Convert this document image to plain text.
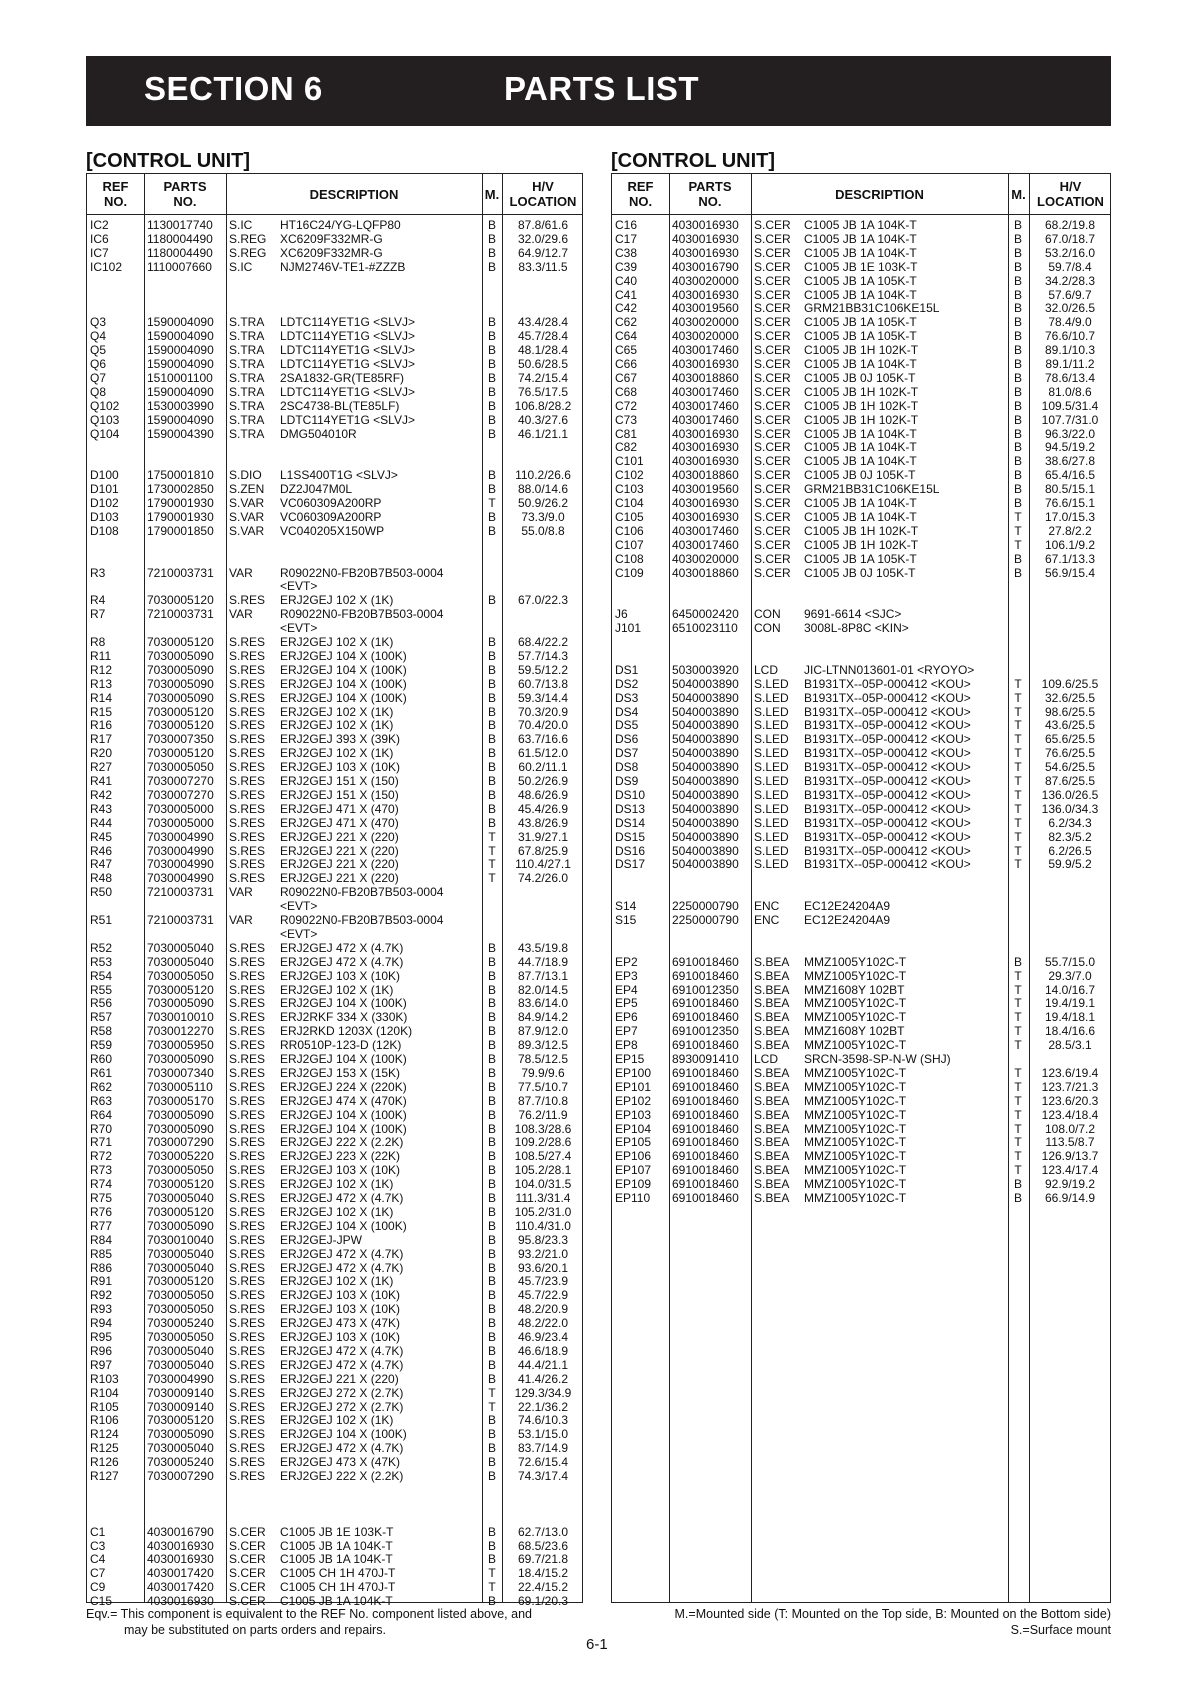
SECTION 6	PARTS LIST
[CONTROL UNIT]	[CONTROL UNIT]
REF
NO.
PARTS
NO.	DESCRIPTION	M.	H/V
LOCATION
IC2	1130017740 S.IC HT16C24/YG-LQFP80	B	87.8/61.6
IC6	1180004490 S.REG XC6209F332MR-G	B	32.0/29.6
IC7	1180004490 S.REG XC6209F332MR-G	B	64.9/12.7
IC102 1110007660 S.IC NJM2746V-TE1-#ZZZB	B	83.3/11.5
Q3	1590004090 S.TRA LDTC114YET1G <SLVJ>	B	43.4/28.4
Q4	1590004090 S.TRA LDTC114YET1G <SLVJ>	B	45.7/28.4
Q5	1590004090 S.TRA LDTC114YET1G <SLVJ>	B	48.1/28.4
Q6	1590004090 S.TRA LDTC114YET1G <SLVJ>	B	50.6/28.5
Q7	1510001100 S.TRA 2SA1832-GR(TE85RF)	B	74.2/15.4
Q8	1590004090 S.TRA LDTC114YET1G <SLVJ>	B	76.5/17.5
Q102 1530003990 S.TRA 2SC4738-BL(TE85LF)	B	106.8/28.2
Q103 1590004090 S.TRA LDTC114YET1G <SLVJ>	B	40.3/27.6
Q104 1590004390 S.TRA DMG504010R	B	46.1/21.1
D100 1750001810 S.DIO L1SS400T1G <SLVJ>	B	110.2/26.6
D101 1730002850 S.ZEN DZ2J047M0L	B	88.0/14.6
D102 1790001930 S.VAR VC060309A200RP	T	50.9/26.2
D103 1790001930 S.VAR VC060309A200RP	B	73.3/9.0
D108 1790001850 S.VAR VC040205X150WP	B	55.0/8.8
R3	7210003731 VAR R09022N0-FB20B7B503-0004
<EVT>
R4	7030005120 S.RES ERJ2GEJ 102 X (1K)	B	67.0/22.3
R7	7210003731 VAR R09022N0-FB20B7B503-0004
<EVT>
R8	7030005120 S.RES ERJ2GEJ 102 X (1K)	B	68.4/22.2
R11	7030005090 S.RES ERJ2GEJ 104 X (100K)	B	57.7/14.3
R12	7030005090 S.RES ERJ2GEJ 104 X (100K)	B	59.5/12.2
R13	7030005090 S.RES ERJ2GEJ 104 X (100K)	B	60.7/13.8
R14	7030005090 S.RES ERJ2GEJ 104 X (100K)	B	59.3/14.4
R15	7030005120 S.RES ERJ2GEJ 102 X (1K)	B	70.3/20.9
R16	7030005120 S.RES ERJ2GEJ 102 X (1K)	B	70.4/20.0
R17	7030007350 S.RES ERJ2GEJ 393 X (39K)	B	63.7/16.6
R20	7030005120 S.RES ERJ2GEJ 102 X (1K)	B	61.5/12.0
R27	7030005050 S.RES ERJ2GEJ 103 X (10K)	B	60.2/11.1
R41	7030007270 S.RES ERJ2GEJ 151 X (150)	B	50.2/26.9
R42	7030007270 S.RES ERJ2GEJ 151 X (150)	B	48.6/26.9
R43	7030005000 S.RES ERJ2GEJ 471 X (470)	B	45.4/26.9
R44	7030005000 S.RES ERJ2GEJ 471 X (470)	B	43.8/26.9
R45	7030004990 S.RES ERJ2GEJ 221 X (220)	T	31.9/27.1
R46	7030004990 S.RES ERJ2GEJ 221 X (220)	T	67.8/25.9
R47	7030004990 S.RES ERJ2GEJ 221 X (220)	T	110.4/27.1
R48	7030004990 S.RES ERJ2GEJ 221 X (220)	T	74.2/26.0
R50	7210003731 VAR R09022N0-FB20B7B503-0004
<EVT>
R51	7210003731 VAR R09022N0-FB20B7B503-0004
<EVT>
R52	7030005040 S.RES ERJ2GEJ 472 X (4.7K)	B	43.5/19.8
R53	7030005040 S.RES ERJ2GEJ 472 X (4.7K)	B	44.7/18.9
R54	7030005050 S.RES ERJ2GEJ 103 X (10K)	B	87.7/13.1
R55	7030005120 S.RES ERJ2GEJ 102 X (1K)	B	82.0/14.5
R56	7030005090 S.RES ERJ2GEJ 104 X (100K)	B	83.6/14.0
R57	7030010010 S.RES ERJ2RKF 334 X (330K)	B	84.9/14.2
R58	7030012270 S.RES ERJ2RKD 1203X (120K)	B	87.9/12.0
R59	7030005950 S.RES RR0510P-123-D (12K)	B	89.3/12.5
R60	7030005090 S.RES ERJ2GEJ 104 X (100K)	B	78.5/12.5
R61	7030007340 S.RES ERJ2GEJ 153 X (15K)	B	79.9/9.6
R62	7030005110 S.RES ERJ2GEJ 224 X (220K)	B	77.5/10.7
R63	7030005170 S.RES ERJ2GEJ 474 X (470K)	B	87.7/10.8
R64	7030005090 S.RES ERJ2GEJ 104 X (100K)	B	76.2/11.9
R70	7030005090 S.RES ERJ2GEJ 104 X (100K)	B	108.3/28.6
R71	7030007290 S.RES ERJ2GEJ 222 X (2.2K)	B	109.2/28.6
R72	7030005220 S.RES ERJ2GEJ 223 X (22K)	B	108.5/27.4
R73	7030005050 S.RES ERJ2GEJ 103 X (10K)	B	105.2/28.1
R74	7030005120 S.RES ERJ2GEJ 102 X (1K)	B	104.0/31.5
R75	7030005040 S.RES ERJ2GEJ 472 X (4.7K)	B	111.3/31.4
R76	7030005120 S.RES ERJ2GEJ 102 X (1K)	B	105.2/31.0
R77	7030005090 S.RES ERJ2GEJ 104 X (100K)	B	110.4/31.0
R84	7030010040 S.RES ERJ2GEJ-JPW	B	95.8/23.3
R85	7030005040 S.RES ERJ2GEJ 472 X (4.7K)	B	93.2/21.0
R86	7030005040 S.RES ERJ2GEJ 472 X (4.7K)	B	93.6/20.1
R91	7030005120 S.RES ERJ2GEJ 102 X (1K)	B	45.7/23.9
R92	7030005050 S.RES ERJ2GEJ 103 X (10K)	B	45.7/22.9
R93	7030005050 S.RES ERJ2GEJ 103 X (10K)	B	48.2/20.9
R94	7030005240 S.RES ERJ2GEJ 473 X (47K)	B	48.2/22.0
R95	7030005050 S.RES ERJ2GEJ 103 X (10K)	B	46.9/23.4
R96	7030005040 S.RES ERJ2GEJ 472 X (4.7K)	B	46.6/18.9
R97	7030005040 S.RES ERJ2GEJ 472 X (4.7K)	B	44.4/21.1
R103 7030004990 S.RES ERJ2GEJ 221 X (220)	B	41.4/26.2
R104 7030009140 S.RES ERJ2GEJ 272 X (2.7K)	T	129.3/34.9
R105 7030009140 S.RES ERJ2GEJ 272 X (2.7K)	T	22.1/36.2
R106 7030005120 S.RES ERJ2GEJ 102 X (1K)	B	74.6/10.3
R124 7030005090 S.RES ERJ2GEJ 104 X (100K)	B	53.1/15.0
R125 7030005040 S.RES ERJ2GEJ 472 X (4.7K)	B	83.7/14.9
R126 7030005240 S.RES ERJ2GEJ 473 X (47K)	B	72.6/15.4
R127 7030007290 S.RES ERJ2GEJ 222 X (2.2K)	B	74.3/17.4
C1	4030016790 S.CER C1005 JB 1E 103K-T	B	62.7/13.0
C3	4030016930 S.CER C1005 JB 1A 104K-T	B	68.5/23.6
C4	4030016930 S.CER C1005 JB 1A 104K-T	B	69.7/21.8
C7	4030017420 S.CER C1005 CH 1H 470J-T	T	18.4/15.2
C9	4030017420 S.CER C1005 CH 1H 470J-T	T	22.4/15.2
C15	4030016930 S.CER C1005 JB 1A 104K-T	B	69.1/20.3
REF
NO.
PARTS
NO.	DESCRIPTION	M.	H/V
LOCATION
C16	4030016930 S.CER C1005 JB 1A 104K-T	B	68.2/19.8
C17	4030016930 S.CER C1005 JB 1A 104K-T	B	67.0/18.7
C38	4030016930 S.CER C1005 JB 1A 104K-T	B	53.2/16.0
C39	4030016790 S.CER C1005 JB 1E 103K-T	B	59.7/8.4
C40	4030020000 S.CER C1005 JB 1A 105K-T	B	34.2/28.3
C41	4030016930 S.CER C1005 JB 1A 104K-T	B	57.6/9.7
C42	4030019560 S.CER GRM21BB31C106KE15L	B	32.0/26.5
C62	4030020000 S.CER C1005 JB 1A 105K-T	B	78.4/9.0
C64	4030020000 S.CER C1005 JB 1A 105K-T	B	76.6/10.7
C65	4030017460 S.CER C1005 JB 1H 102K-T	B	89.1/10.3
C66	4030016930 S.CER C1005 JB 1A 104K-T	B	89.1/11.2
C67	4030018860 S.CER C1005 JB 0J 105K-T	B	78.6/13.4
C68	4030017460 S.CER C1005 JB 1H 102K-T	B	81.0/8.6
C72	4030017460 S.CER C1005 JB 1H 102K-T	B	109.5/31.4
C73	4030017460 S.CER C1005 JB 1H 102K-T	B	107.7/31.0
C81	4030016930 S.CER C1005 JB 1A 104K-T	B	96.3/22.0
C82	4030016930 S.CER C1005 JB 1A 104K-T	B	94.5/19.2
C101 4030016930 S.CER C1005 JB 1A 104K-T	B	38.6/27.8
C102 4030018860 S.CER C1005 JB 0J 105K-T	B	65.4/16.5
C103 4030019560 S.CER GRM21BB31C106KE15L	B	80.5/15.1
C104 4030016930 S.CER C1005 JB 1A 104K-T	B	76.6/15.1
C105 4030016930 S.CER C1005 JB 1A 104K-T	T	17.0/15.3
C106 4030017460 S.CER C1005 JB 1H 102K-T	T	27.8/2.2
C107 4030017460 S.CER C1005 JB 1H 102K-T	T	106.1/9.2
C108 4030020000 S.CER C1005 JB 1A 105K-T	B	67.1/13.3
C109 4030018860 S.CER C1005 JB 0J 105K-T	B	56.9/15.4
J6	6450002420 CON 9691-6614 <SJC>
J101	6510023110 CON 3008L-8P8C <KIN>
DS1	5030003920 LCD JIC-LTNN013601-01 <RYOYO>
DS2	5040003890 S.LED B1931TX--05P-000412 <KOU>	T	109.6/25.5
DS3	5040003890 S.LED B1931TX--05P-000412 <KOU>	T	32.6/25.5
DS4	5040003890 S.LED B1931TX--05P-000412 <KOU>	T	98.6/25.5
DS5	5040003890 S.LED B1931TX--05P-000412 <KOU>	T	43.6/25.5
DS6	5040003890 S.LED B1931TX--05P-000412 <KOU>	T	65.6/25.5
DS7	5040003890 S.LED B1931TX--05P-000412 <KOU>	T	76.6/25.5
DS8	5040003890 S.LED B1931TX--05P-000412 <KOU>	T	54.6/25.5
DS9	5040003890 S.LED B1931TX--05P-000412 <KOU>	T	87.6/25.5
DS10 5040003890 S.LED B1931TX--05P-000412 <KOU>	T	136.0/26.5
DS13 5040003890 S.LED B1931TX--05P-000412 <KOU>	T	136.0/34.3
DS14 5040003890 S.LED B1931TX--05P-000412 <KOU>	T	6.2/34.3
DS15 5040003890 S.LED B1931TX--05P-000412 <KOU>	T	82.3/5.2
DS16 5040003890 S.LED B1931TX--05P-000412 <KOU>	T	6.2/26.5
DS17 5040003890 S.LED B1931TX--05P-000412 <KOU>	T	59.9/5.2
S14	2250000790 ENC EC12E24204A9
S15	2250000790 ENC EC12E24204A9
EP2	6910018460 S.BEA MMZ1005Y102C-T	B	55.7/15.0
EP3	6910018460 S.BEA MMZ1005Y102C-T	T	29.3/7.0
EP4	6910012350 S.BEA MMZ1608Y 102BT	T	14.0/16.7
EP5	6910018460 S.BEA MMZ1005Y102C-T	T	19.4/19.1
EP6	6910018460 S.BEA MMZ1005Y102C-T	T	19.4/18.1
EP7	6910012350 S.BEA MMZ1608Y 102BT	T	18.4/16.6
EP8	6910018460 S.BEA MMZ1005Y102C-T	T	28.5/3.1
EP15 8930091410 LCD SRCN-3598-SP-N-W (SHJ)
EP100 6910018460 S.BEA MMZ1005Y102C-T	T	123.6/19.4
EP101 6910018460 S.BEA MMZ1005Y102C-T	T	123.7/21.3
EP102 6910018460 S.BEA MMZ1005Y102C-T	T	123.6/20.3
EP103 6910018460 S.BEA MMZ1005Y102C-T	T	123.4/18.4
EP104 6910018460 S.BEA MMZ1005Y102C-T	T	108.0/7.2
EP105 6910018460 S.BEA MMZ1005Y102C-T	T	113.5/8.7
EP106 6910018460 S.BEA MMZ1005Y102C-T	T	126.9/13.7
EP107 6910018460 S.BEA MMZ1005Y102C-T	T	123.4/17.4
EP109 6910018460 S.BEA MMZ1005Y102C-T	B	92.9/19.2
EP110 6910018460 S.BEA MMZ1005Y102C-T	B	66.9/14.9
Eqv.= This component is equivalent to the REF No. component listed above, and
may be substituted on parts orders and repairs.
M.=Mounted side (T: Mounted on the Top side, B: Mounted on the Bottom side)
S.=Surface mount
6-1
